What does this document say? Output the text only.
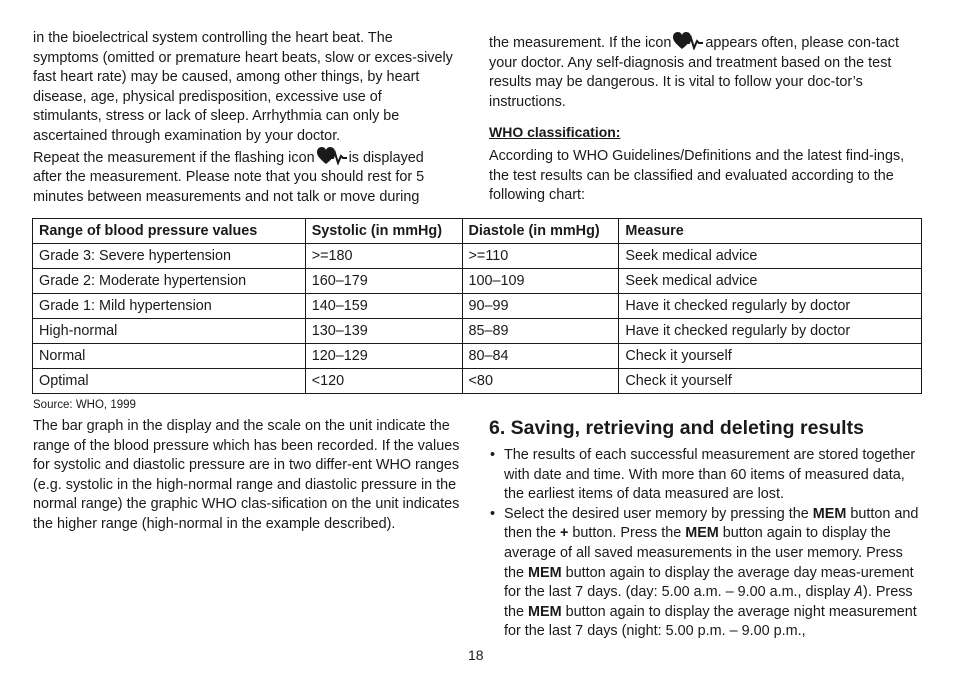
in the bioelectrical system controlling the heart beat. The symptoms (omitted or premature heart beats, slow or exces-sively fast heart rate) may be caused, among other things, by heart disease, age, physical predisposition, excessive use of stimulants, stress or lack of sleep. Arrhythmia can only be ascertained through examination by your doctor.

Repeat the measurement if the flashing icon is displayed after the measurement. Please note that you should rest for 5 minutes between measurements and not talk or move during

the measurement. If the icon appears often, please con-tact your doctor. Any self-diagnosis and treatment based on the test results may be dangerous. It is vital to follow your doc-tor’s instructions.

WHO classification:

According to WHO Guidelines/Definitions and the latest find-ings, the test results can be classified and evaluated according to the following chart:

Range of blood pressure values	Systolic (in mmHg)	Diastole (in mmHg)	Measure
Grade 3: Severe hypertension	>=180	>=110	Seek medical advice
Grade 2: Moderate hypertension	160–179	100–109	Seek medical advice
Grade 1: Mild hypertension	140–159	90–99	Have it checked regularly by doctor
High-normal	130–139	85–89	Have it checked regularly by doctor
Normal	120–129	80–84	Check it yourself
Optimal	<120	<80	Check it yourself
Source: WHO, 1999

The bar graph in the display and the scale on the unit indicate the range of the blood pressure which has been recorded. If the values for systolic and diastolic pressure are in two differ-ent WHO ranges (e.g. systolic in the high-normal range and diastolic pressure in the normal range) the graphic WHO clas-sification on the unit indicates the higher range (high-normal in the example described).

6. Saving, retrieving and deleting results
• The results of each successful measurement are stored together with date and time. With more than 60 items of measured data, the earliest items of data measured are lost.
• Select the desired user memory by pressing the MEM button and then the + button. Press the MEM button again to display the average of all saved measurements in the user memory. Press the MEM button again to display the average day meas-urement for the last 7 days. (day: 5.00 a.m. – 9.00 a.m., display A). Press the MEM button again to display the average night measurement for the last 7 days (night: 5.00 p.m. – 9.00 p.m.,
18
